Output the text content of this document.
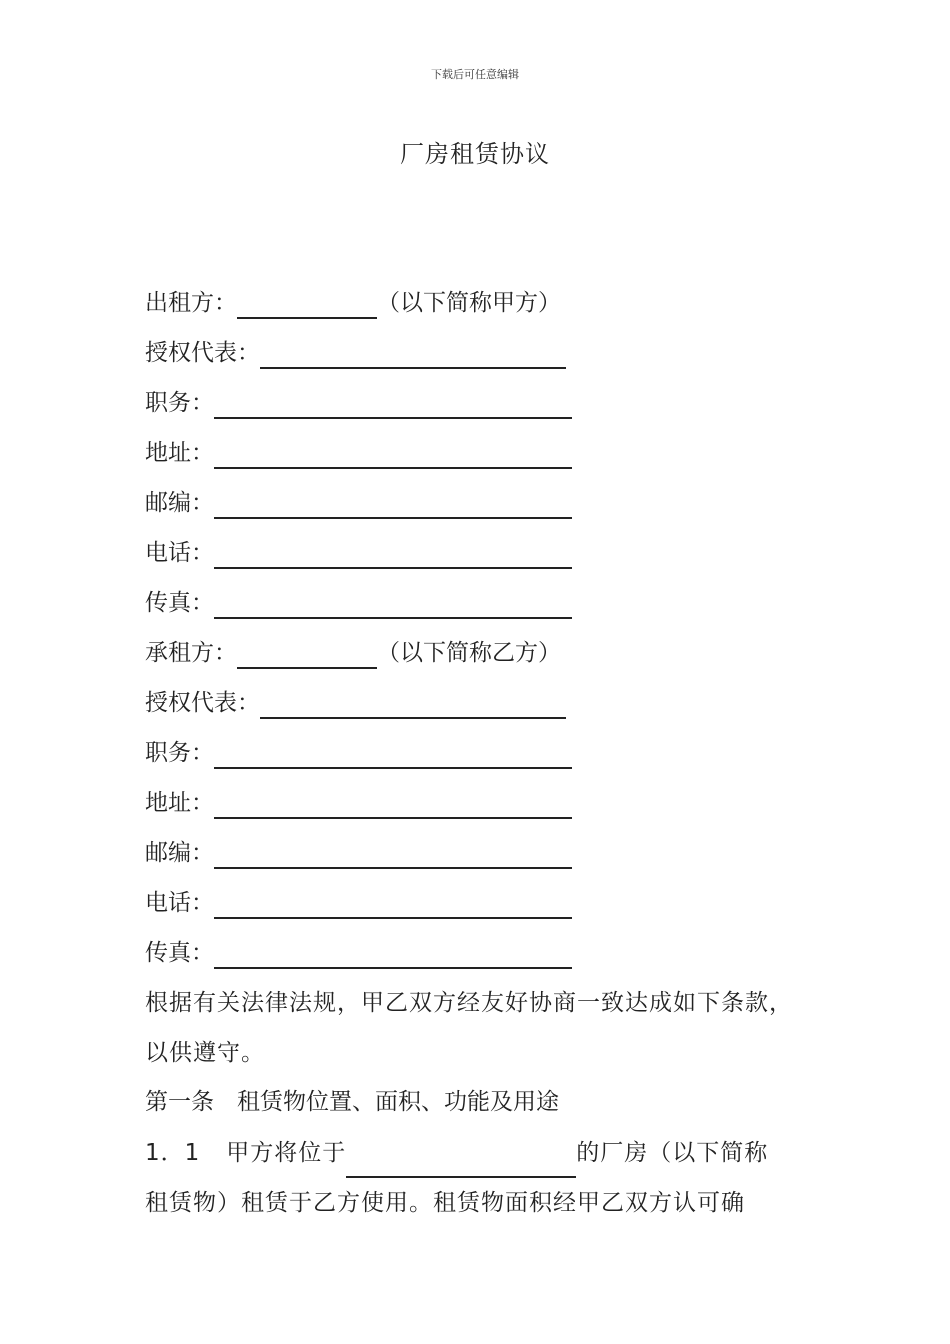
下载后可任意编辑
厂房租赁协议
出租方：	（以下简称甲方）
授权代表：
职务：
地址：
邮编：
电话：
传真：
承租方：	（以下简称乙方）
授权代表：
职务：
地址：
邮编：
电话：
传真：
根据有关法律法规，甲乙双方经友好协商一致达成如下条款，以供遵守。
第一条　租赁物位置、面积、功能及用途
1．1 甲方将位于	的厂房（以下简称
租赁物）租赁于乙方使用。租赁物面积经甲乙双方认可确
